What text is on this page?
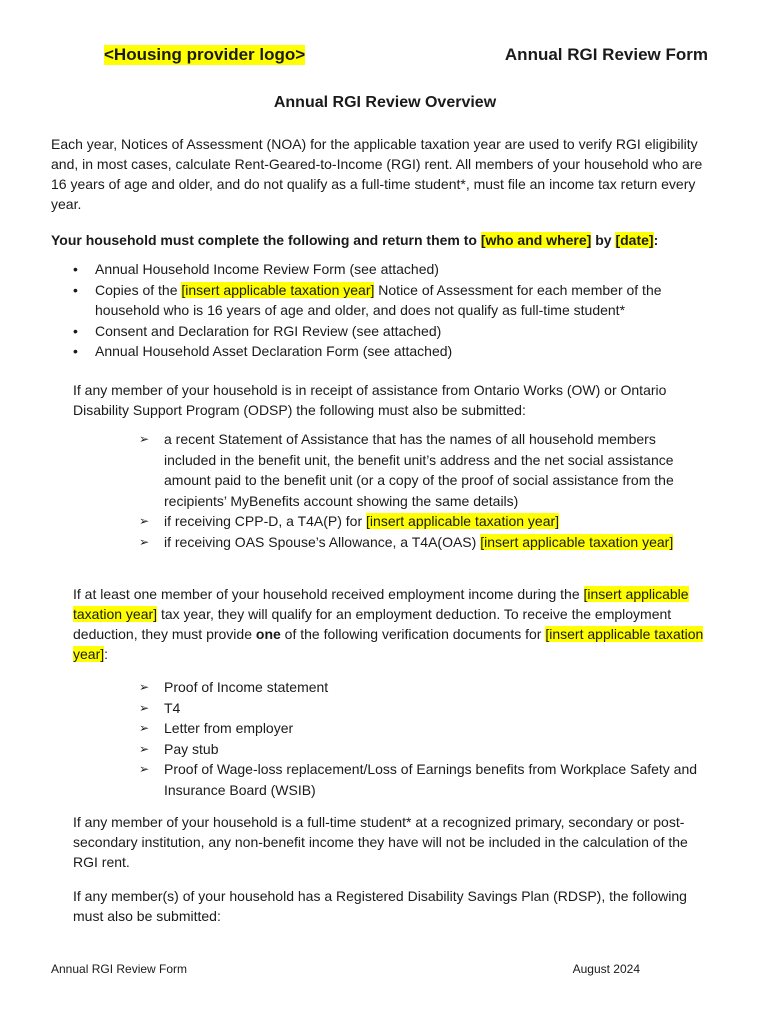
<Housing provider logo>	Annual RGI Review Form
Annual RGI Review Overview

Each year, Notices of Assessment (NOA) for the applicable taxation year are used to verify RGI eligibility and, in most cases, calculate Rent-Geared-to-Income (RGI) rent. All members of your household who are 16 years of age and older, and do not qualify as a full-time student*, must file an income tax return every year.

Your household must complete the following and return them to [who and where] by [date]:

• Annual Household Income Review Form (see attached)
• Copies of the [insert applicable taxation year] Notice of Assessment for each member of the household who is 16 years of age and older, and does not qualify as full-time student*
• Consent and Declaration for RGI Review (see attached)
• Annual Household Asset Declaration Form (see attached)

If any member of your household is in receipt of assistance from Ontario Works (OW) or Ontario Disability Support Program (ODSP) the following must also be submitted:

➢ a recent Statement of Assistance that has the names of all household members included in the benefit unit, the benefit unit’s address and the net social assistance amount paid to the benefit unit (or a copy of the proof of social assistance from the recipients’ MyBenefits account showing the same details)
➢ if receiving CPP-D, a T4A(P) for [insert applicable taxation year]
➢ if receiving OAS Spouse’s Allowance, a T4A(OAS) [insert applicable taxation year]

If at least one member of your household received employment income during the [insert applicable taxation year] tax year, they will qualify for an employment deduction. To receive the employment deduction, they must provide one of the following verification documents for [insert applicable taxation year]:

➢ Proof of Income statement
➢ T4
➢ Letter from employer
➢ Pay stub
➢ Proof of Wage-loss replacement/Loss of Earnings benefits from Workplace Safety and Insurance Board (WSIB)

If any member of your household is a full-time student* at a recognized primary, secondary or post-secondary institution, any non-benefit income they have will not be included in the calculation of the RGI rent.

If any member(s) of your household has a Registered Disability Savings Plan (RDSP), the following must also be submitted:

Annual RGI Review Form	August 2024
